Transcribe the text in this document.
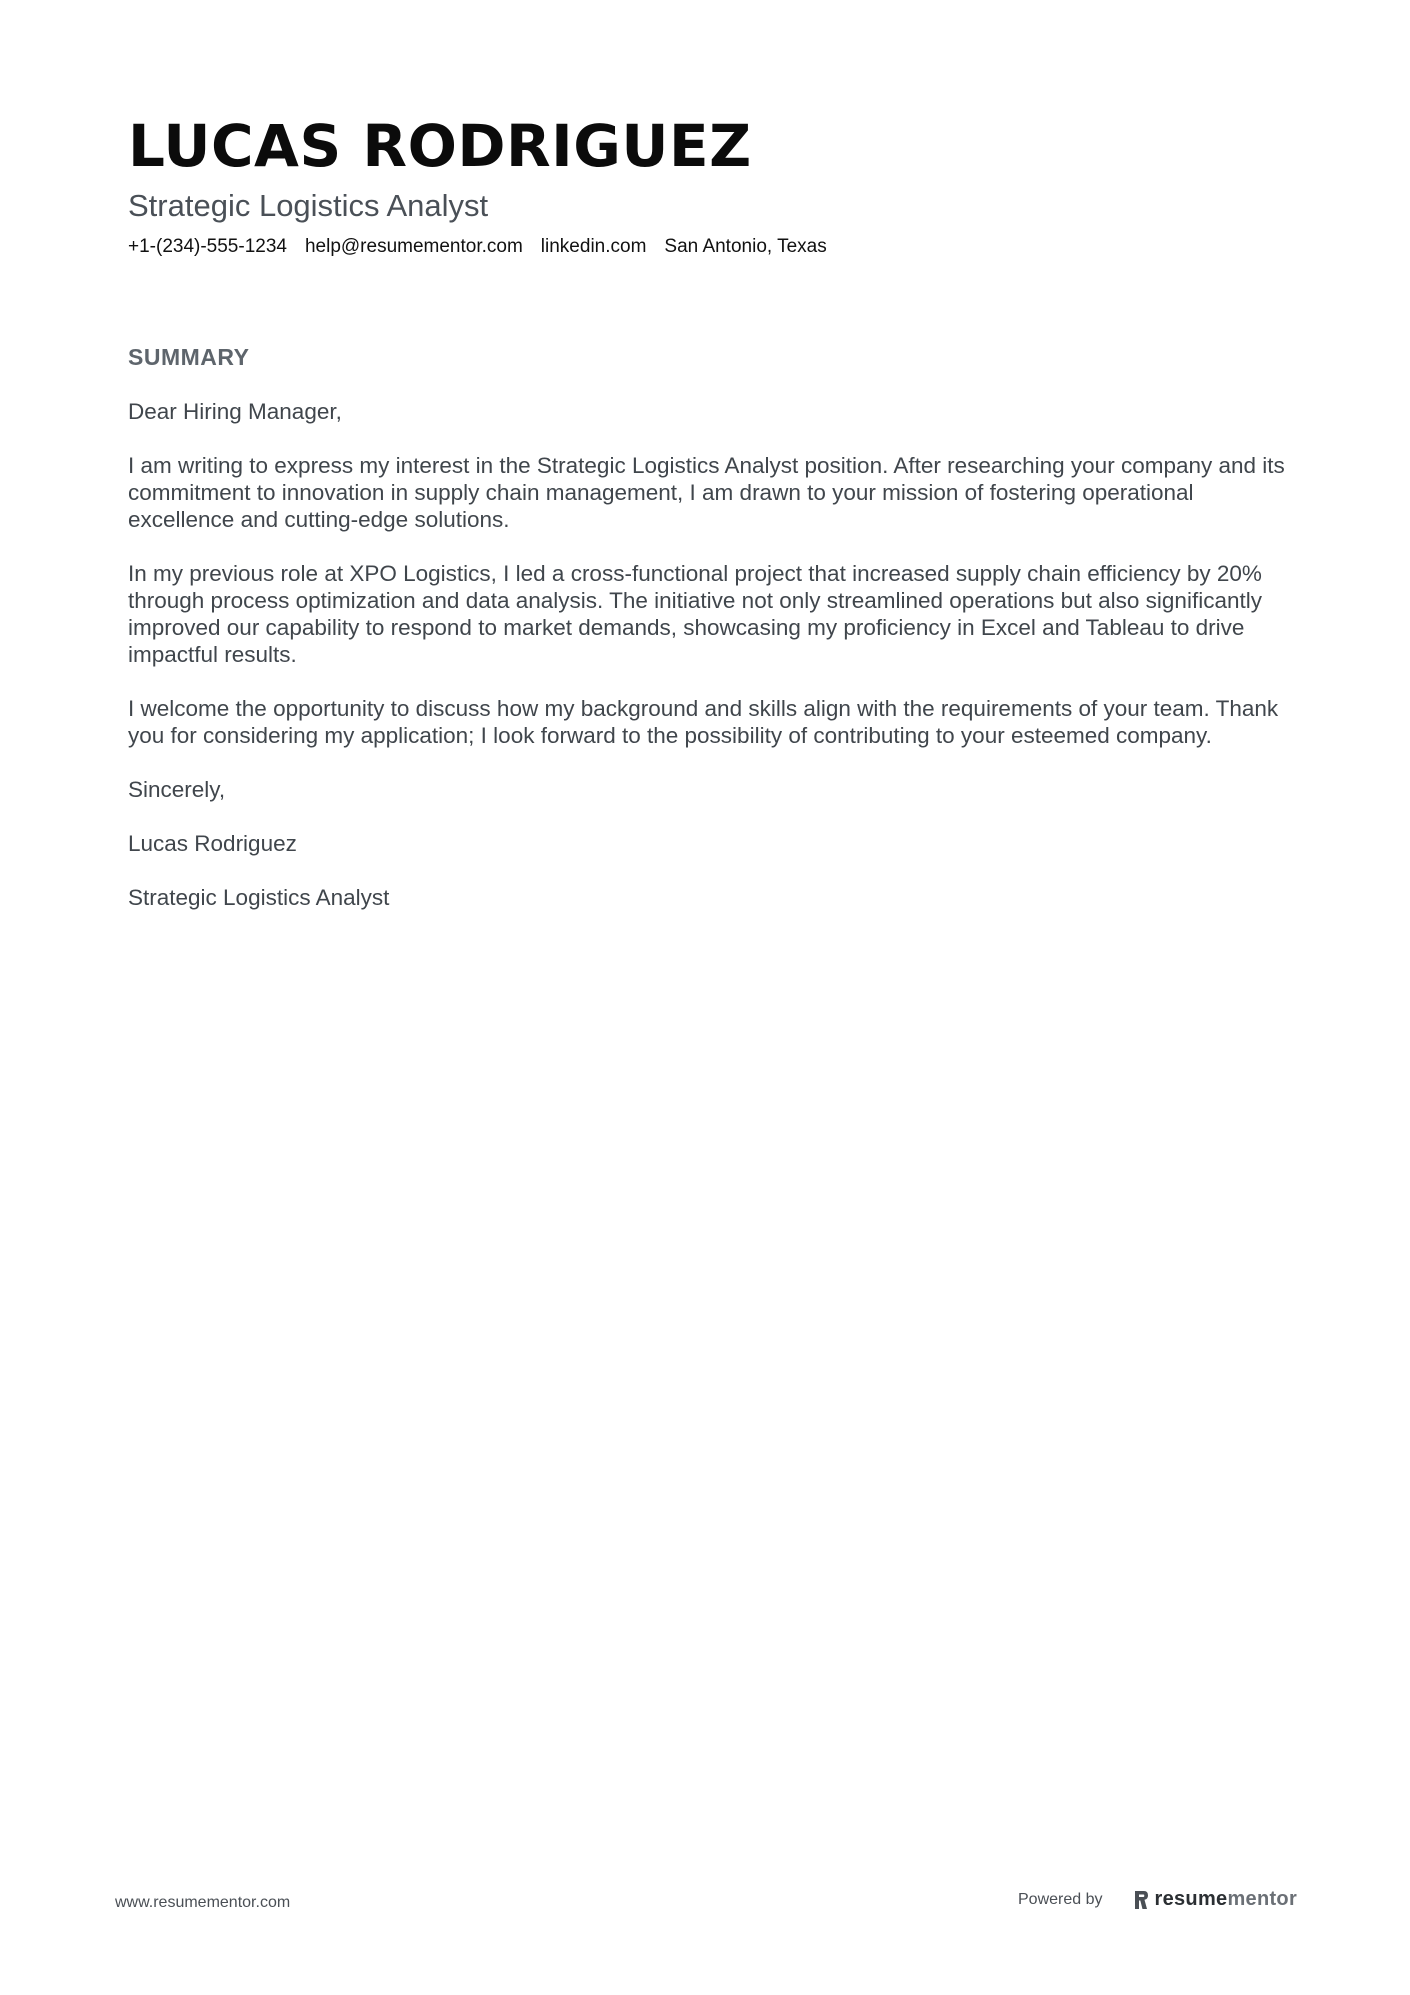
LUCAS RODRIGUEZ
Strategic Logistics Analyst
+1-(234)-555-1234 help@resumementor.com linkedin.com San Antonio, Texas
SUMMARY

Dear Hiring Manager,

I am writing to express my interest in the Strategic Logistics Analyst position. After researching your company and its commitment to innovation in supply chain management, I am drawn to your mission of fostering operational excellence and cutting-edge solutions.

In my previous role at XPO Logistics, I led a cross-functional project that increased supply chain efficiency by 20% through process optimization and data analysis. The initiative not only streamlined operations but also significantly improved our capability to respond to market demands, showcasing my proficiency in Excel and Tableau to drive impactful results.

I welcome the opportunity to discuss how my background and skills align with the requirements of your team. Thank you for considering my application; I look forward to the possibility of contributing to your esteemed company.

Sincerely,

Lucas Rodriguez

Strategic Logistics Analyst

www.resumementor.com	Powered by	resumementor
